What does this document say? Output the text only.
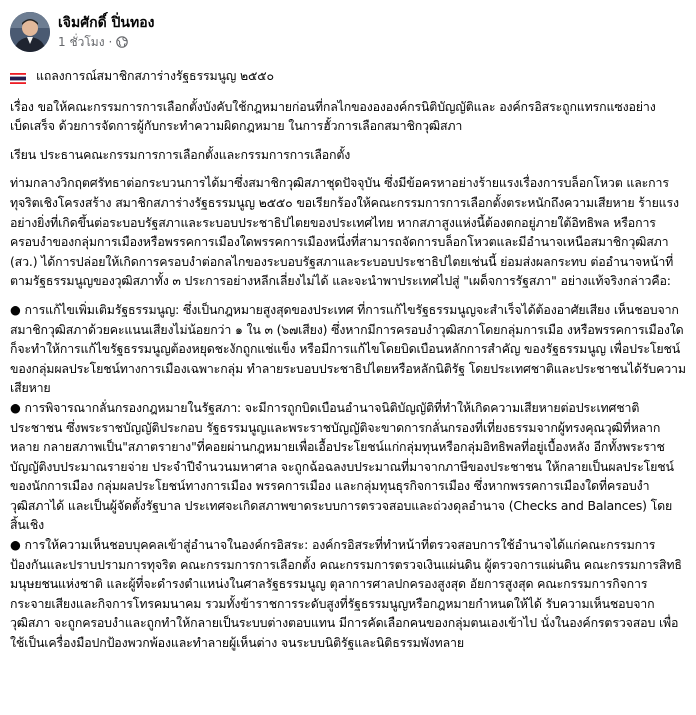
เจิมศักดิ์ ปิ่นทอง
1 ชั่วโมง ·

แถลงการณ์สมาชิกสภาร่างรัฐธรรมนูญ ๒๕๕๐

เรื่อง ขอให้คณะกรรมการการเลือกตั้งบังคับใช้กฎหมายก่อนที่กลไกของององค์กรนิติบัญญัติและ องค์กรอิสระถูกแทรกแซงอย่างเบ็ดเสร็จ ด้วยการจัดการผู้กับกระทำความผิดกฎหมาย ในการฮั้วการเลือกสมาชิกวุฒิสภา

เรียน ประธานคณะกรรมการการเลือกตั้งและกรรมการการเลือกตั้ง

ท่ามกลางวิกฤตศรัทธาต่อกระบวนการได้มาซึ่งสมาชิกวุฒิสภาชุดปัจจุบัน ซึ่งมีข้อครหาอย่างร้ายแรงเรื่องการบล็อกโหวต และการทุจริตเชิงโครงสร้าง สมาชิกสภาร่างรัฐธรรมนูญ ๒๕๕๐ ขอเรียกร้องให้คณะกรรมการการเลือกตั้งตระหนักถึงความเสียหาย ร้ายแรงอย่างยิ่งที่เกิดขึ้นต่อระบอบรัฐสภาและระบอบประชาธิปไตยของประเทศไทย หากสภาสูงแห่งนี้ต้องตกอยู่ภายใต้อิทธิพล หรือการครอบงำของกลุ่มการเมืองหรือพรรคการเมืองใดพรรคการเมืองหนึ่งที่สามารถจัดการบล็อกโหวตและมีอำนาจเหนือสมาชิกวุฒิสภา (สว.) ได้การปล่อยให้เกิดการครอบงำต่อกลไกของระบอบรัฐสภาและระบอบประชาธิปไตยเช่นนี้ ย่อมส่งผลกระทบ ต่ออำนาจหน้าที่ตามรัฐธรรมนูญของวุฒิสภาทั้ง ๓ ประการอย่างหลีกเลี่ยงไม่ได้ และจะนำพาประเทศไปสู่ "เผด็จการรัฐสภา" อย่างแท้จริงกล่าวคือ:

● การแก้ไขเพิ่มเติมรัฐธรรมนูญ: ซึ่งเป็นกฎหมายสูงสุดของประเทศ ที่การแก้ไขรัฐธรรมนูญจะสำเร็จได้ต้องอาศัยเสียง เห็นชอบจากสมาชิกวุฒิสภาด้วยคะแนนเสียงไม่น้อยกว่า ๑ ใน ๓ (๖๗เสียง) ซึ่งหากมีการครอบงำวุฒิสภาโดยกลุ่มการเมือ งหรือพรรคการเมืองใด ก็จะทำให้การแก้ไขรัฐธรรมนูญต้องหยุดชะงักถูกแช่แข็ง หรือมีการแก้ไขโดยบิดเบือนหลักการสำคัญ ของรัฐธรรมนูญ เพื่อประโยชน์ของกลุ่มผลประโยชน์ทางการเมืองเฉพาะกลุ่ม ทำลายระบอบประชาธิปไตยหรือหลักนิติรัฐ โดยประเทศชาติและประชาชนได้รับความเสียหาย

● การพิจารณากลั่นกรองกฎหมายในรัฐสภา: จะมีการถูกบิดเบือนอำนาจนิติบัญญัติที่ทำให้เกิดความเสียหายต่อประเทศชาติประชาชน ซึ่งพระราชบัญญัติประกอบ รัฐธรรมนูญและพระราชบัญญัติจะขาดการกลั่นกรองที่เที่ยงธรรมจากผู้ทรงคุณวุฒิที่หลากหลาย กลายสภาพเป็น"สภาตรายาง"ที่คอยผ่านกฎหมายเพื่อเอื้อประโยชน์แก่กลุ่มทุนหรือกลุ่มอิทธิพลที่อยู่เบื้องหลัง อีกทั้งพระราชบัญญัติงบประมาณรายจ่าย ประจำปีจำนวนมหาศาล จะถูกฉ้อฉลงบประมาณที่มาจากภาษีของประชาชน ให้กลายเป็นผลประโยชน์ของนักการเมือง กลุ่มผลประโยชน์ทางการเมือง พรรคการเมือง และกลุ่มทุนธุรกิจการเมือง ซึ่งหากพรรคการเมืองใดที่ครอบงำวุฒิสภาได้ และเป็นผู้จัดตั้งรัฐบาล ประเทศจะเกิดสภาพขาดระบบการตรวจสอบและถ่วงดุลอำนาจ (Checks and Balances) โดยสิ้นเชิง

● การให้ความเห็นชอบบุคคลเข้าสู่อำนาจในองค์กรอิสระ: องค์กรอิสระที่ทำหน้าที่ตรวจสอบการใช้อำนาจได้แก่คณะกรรมการป้องกันและปราบปรามการทุจริต คณะกรรมการการเลือกตั้ง คณะกรรมการตรวจเงินแผ่นดิน ผู้ตรวจการแผ่นดิน คณะกรรมการสิทธิมนุษยชนแห่งชาติ และผู้ที่จะดำรงตำแหน่งในศาลรัฐธรรมนูญ ตุลาการศาลปกครองสูงสุด อัยการสูงสุด คณะกรรมการกิจการกระจายเสียงและกิจการโทรคมนาคม รวมทั้งข้าราชการระดับสูงที่รัฐธรรมนูญหรือกฎหมายกำหนดให้ได้ รับความเห็นชอบจากวุฒิสภา จะถูกครอบงำและถูกทำให้กลายเป็นระบบต่างตอบแทน มีการคัดเลือกคนของกลุ่มตนเองเข้าไป นั่งในองค์กรตรวจสอบ เพื่อใช้เป็นเครื่องมือปกป้องพวกพ้องและทำลายผู้เห็นต่าง จนระบบนิติรัฐและนิติธรรมพังทลาย
